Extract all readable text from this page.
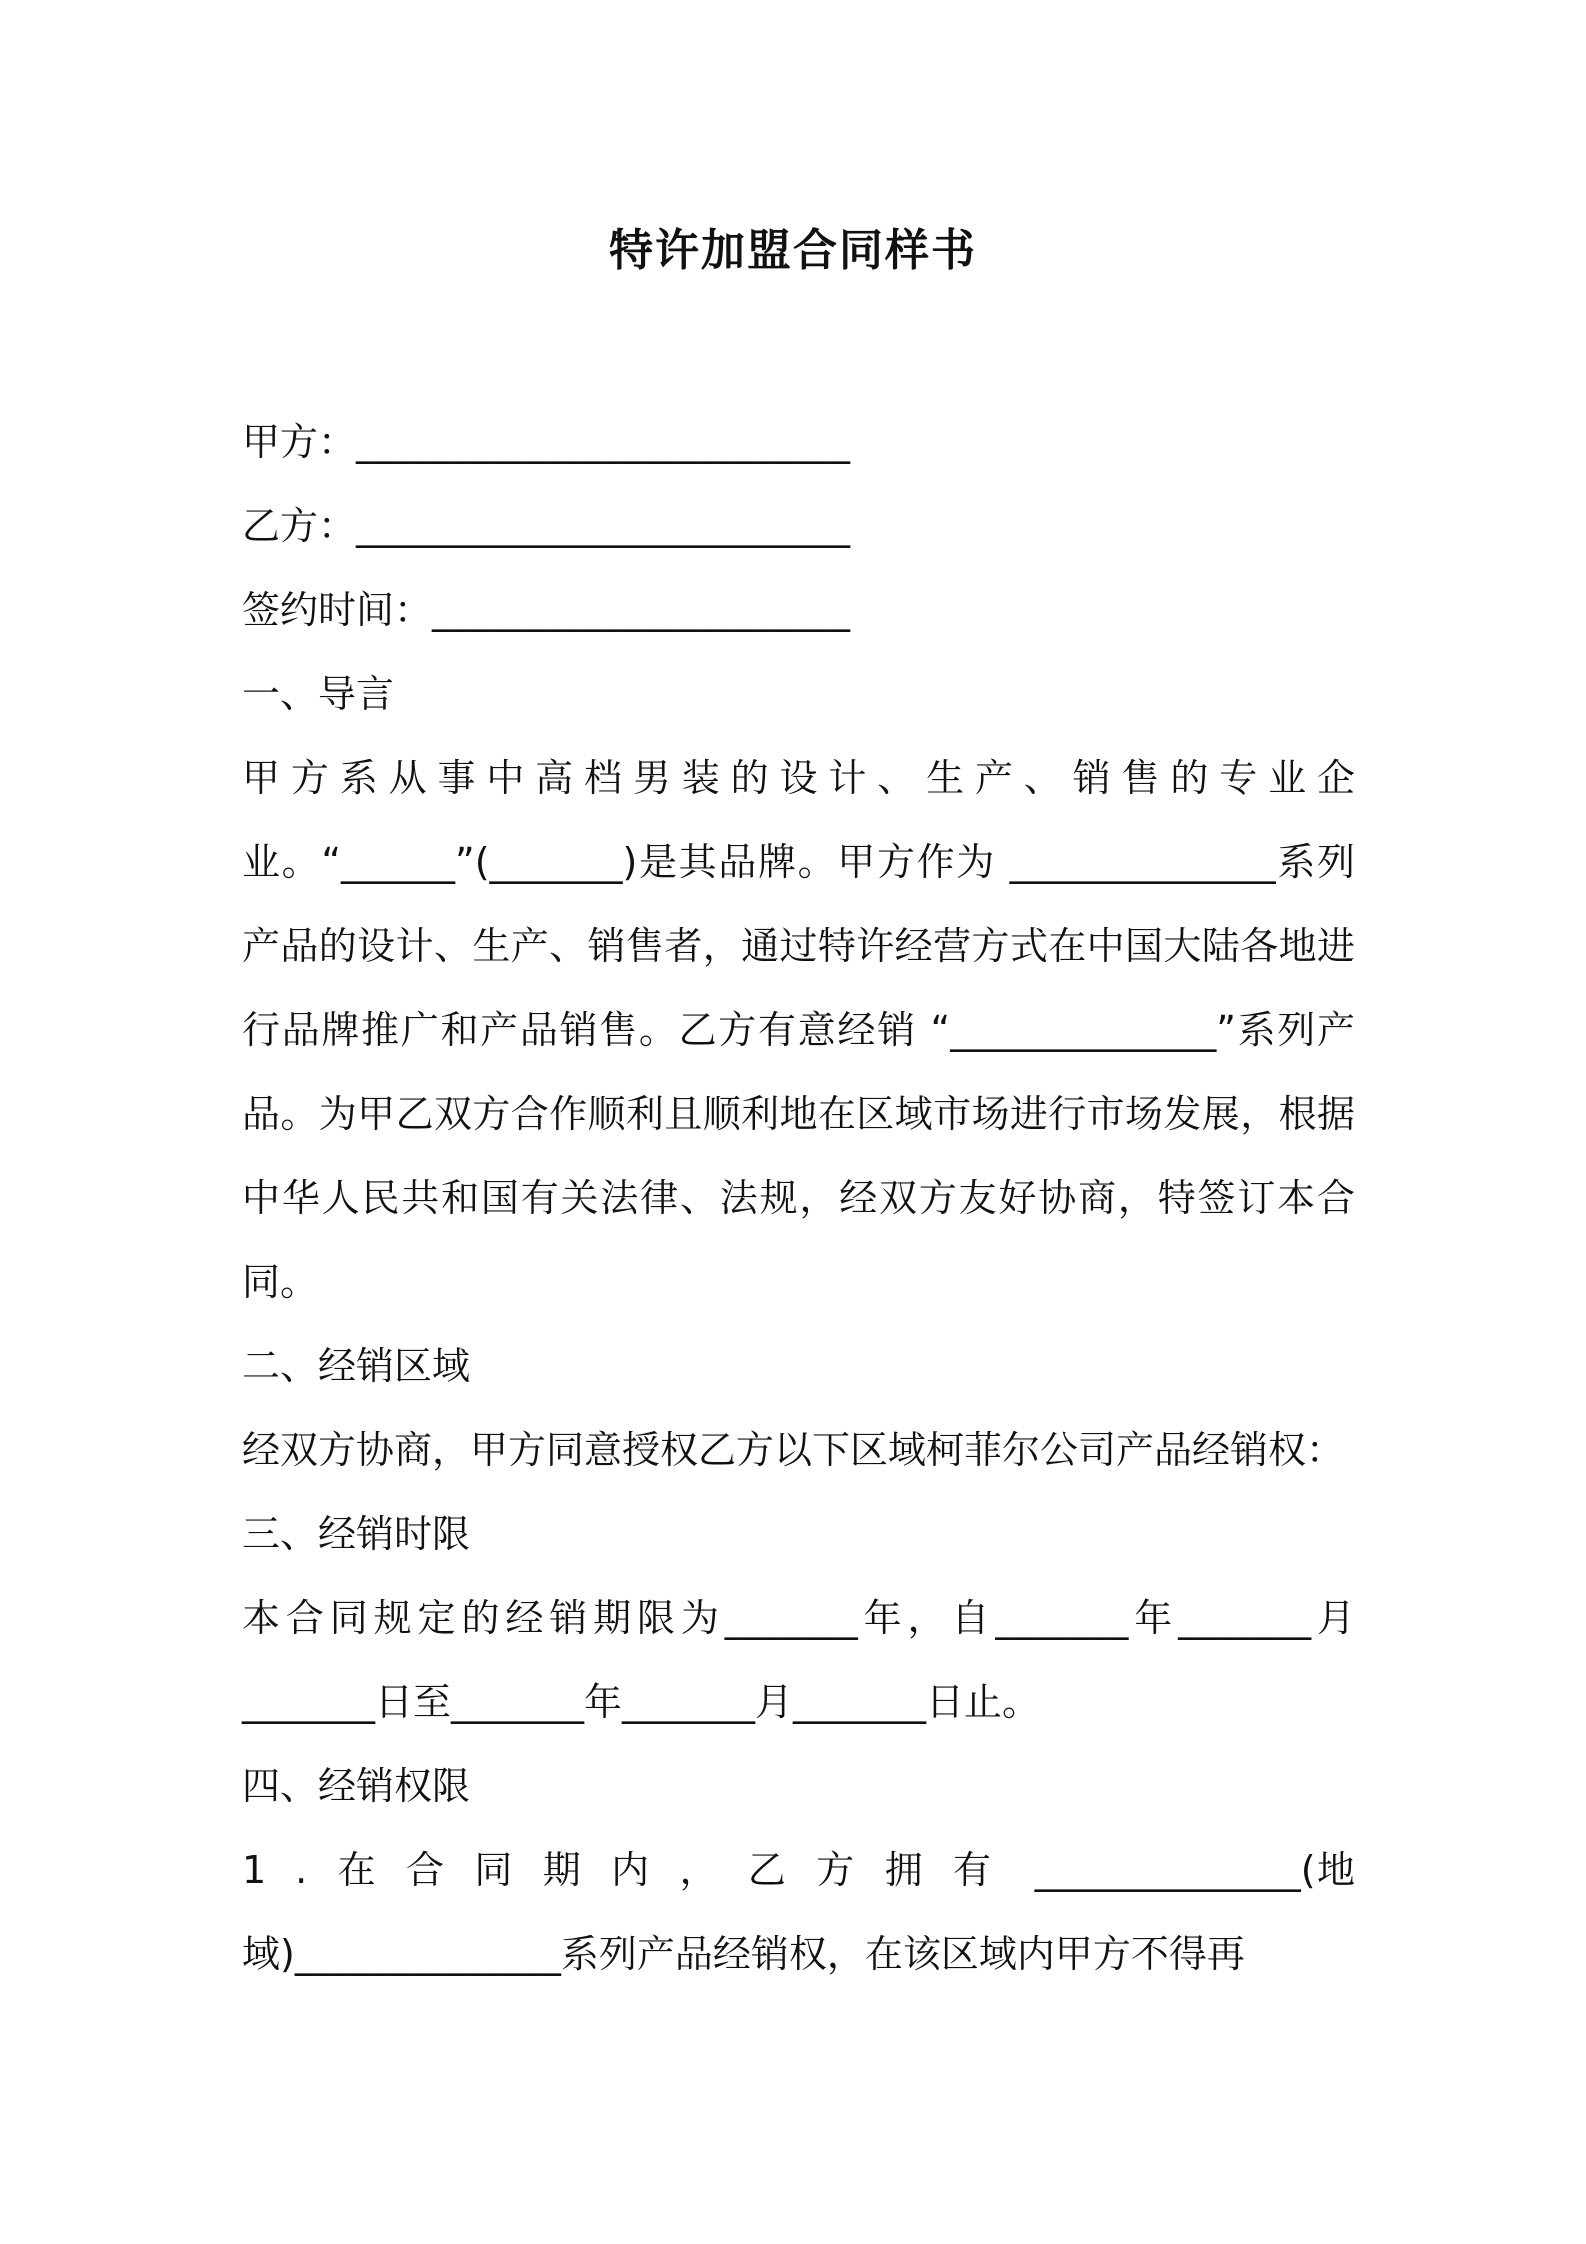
特许加盟合同样书
甲方：__________________________
乙方：__________________________
签约时间：______________________
一、导言
甲方系从事中高档男装的设计、生产、销售的专业企业。“______”(_______)是其品牌。甲方作为 ______________系列产品的设计、生产、销售者，通过特许经营方式在中国大陆各地进行品牌推广和产品销售。乙方有意经销 “______________”系列产品。为甲乙双方合作顺利且顺利地在区域市场进行市场发展，根据中华人民共和国有关法律、法规，经双方友好协商，特签订本合同。
二、经销区域
经双方协商，甲方同意授权乙方以下区域柯菲尔公司产品经销权：
三、经销时限
本合同规定的经销期限为_______年，自_______年_______月_______日至_______年_______月_______日止。
四、经销权限
1.在合同期内，乙方拥有 ______________(地域)______________系列产品经销权，在该区域内甲方不得再
